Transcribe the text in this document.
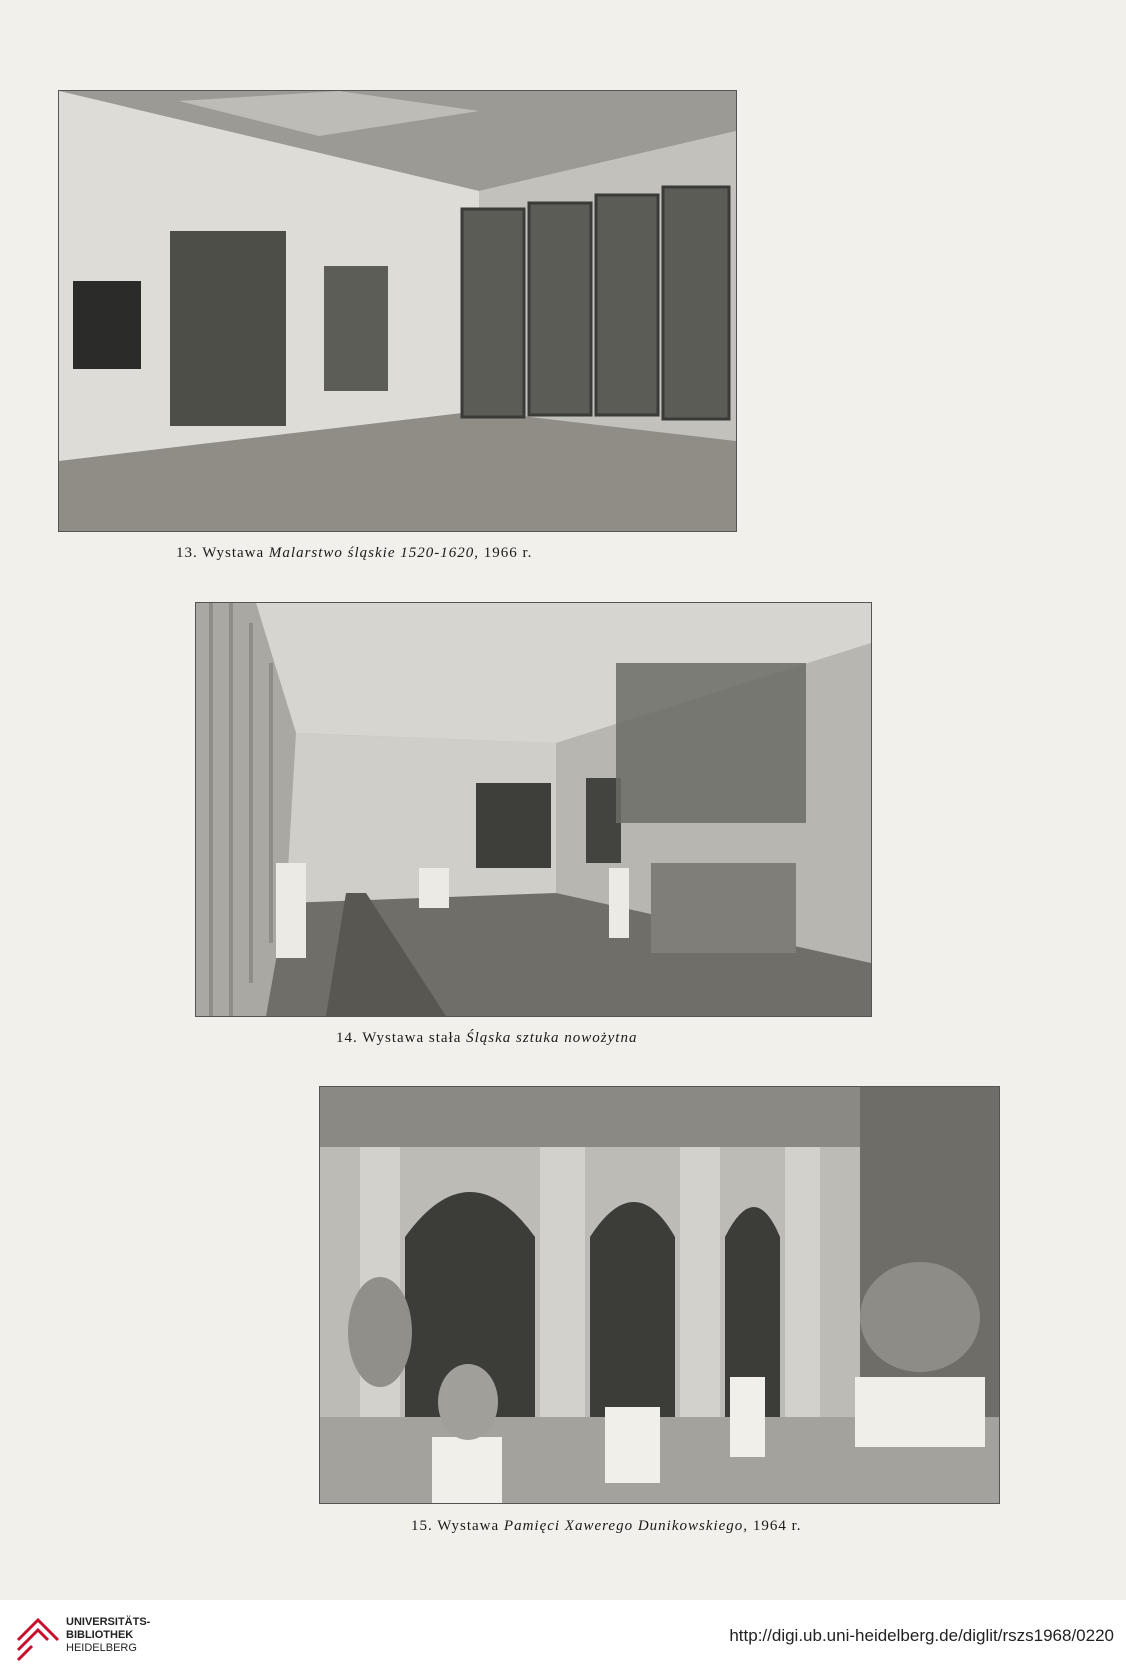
13. Wystawa Malarstwo śląskie 1520-1620, 1966 r.
14. Wystawa stała Śląska sztuka nowożytna
15. Wystawa Pamięci Xawerego Dunikowskiego, 1964 r.
UNIVERSITÄTS-
BIBLIOTHEK
HEIDELBERG
http://digi.ub.uni-heidelberg.de/diglit/rszs1968/0220
